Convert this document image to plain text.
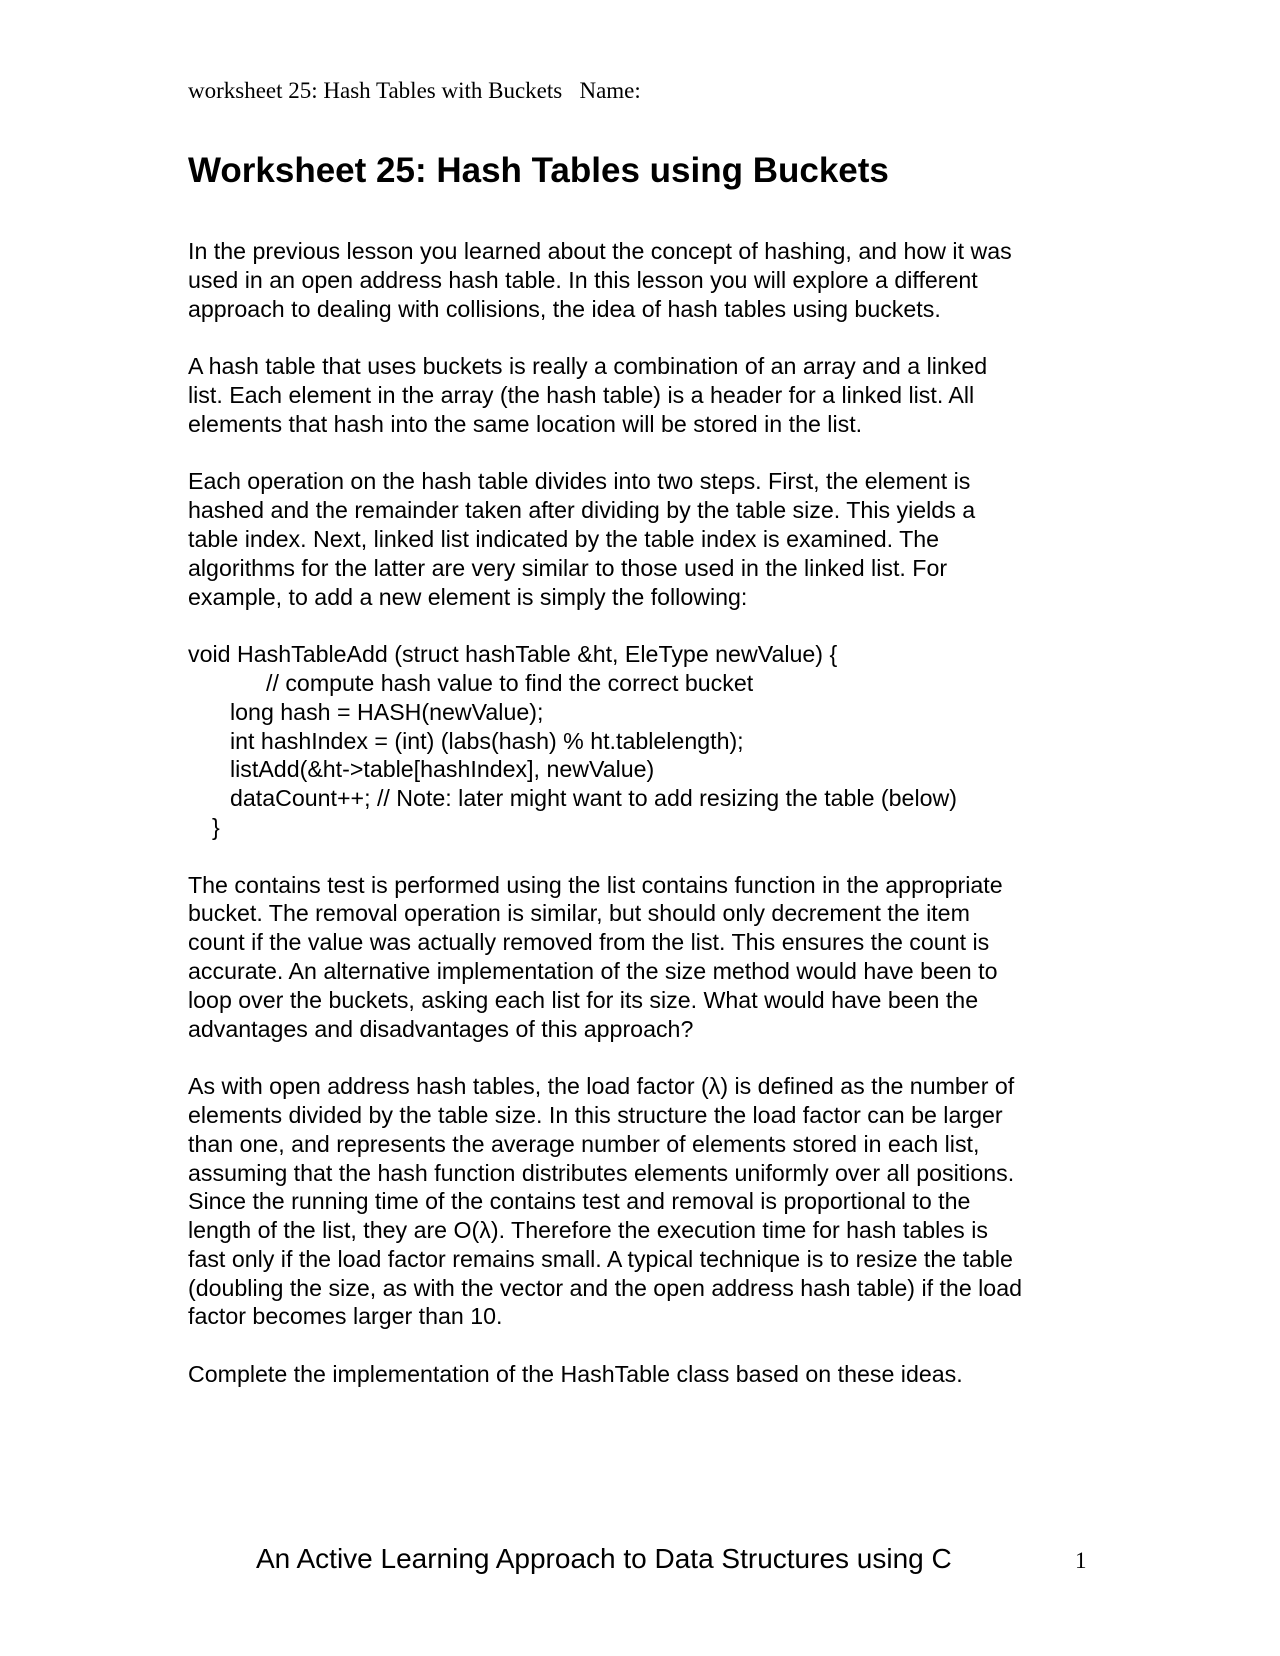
worksheet 25: Hash Tables with Buckets Name:
Worksheet 25: Hash Tables using Buckets

In the previous lesson you learned about the concept of hashing, and how it was
used in an open address hash table. In this lesson you will explore a different
approach to dealing with collisions, the idea of hash tables using buckets.

A hash table that uses buckets is really a combination of an array and a linked
list. Each element in the array (the hash table) is a header for a linked list. All
elements that hash into the same location will be stored in the list.

Each operation on the hash table divides into two steps. First, the element is
hashed and the remainder taken after dividing by the table size. This yields a
table index. Next, linked list indicated by the table index is examined. The
algorithms for the latter are very similar to those used in the linked list. For
example, to add a new element is simply the following:

void HashTableAdd (struct hashTable &ht, EleType newValue) {
// compute hash value to find the correct bucket
long hash = HASH(newValue);
int hashIndex = (int) (labs(hash) % ht.tablelength);
listAdd(&ht->table[hashIndex], newValue)
dataCount++; // Note: later might want to add resizing the table (below)
}

The contains test is performed using the list contains function in the appropriate
bucket. The removal operation is similar, but should only decrement the item
count if the value was actually removed from the list. This ensures the count is
accurate. An alternative implementation of the size method would have been to
loop over the buckets, asking each list for its size. What would have been the
advantages and disadvantages of this approach?

As with open address hash tables, the load factor (λ) is defined as the number of
elements divided by the table size. In this structure the load factor can be larger
than one, and represents the average number of elements stored in each list,
assuming that the hash function distributes elements uniformly over all positions.
Since the running time of the contains test and removal is proportional to the
length of the list, they are O(λ). Therefore the execution time for hash tables is
fast only if the load factor remains small. A typical technique is to resize the table
(doubling the size, as with the vector and the open address hash table) if the load
factor becomes larger than 10.

Complete the implementation of the HashTable class based on these ideas.

An Active Learning Approach to Data Structures using C	1
